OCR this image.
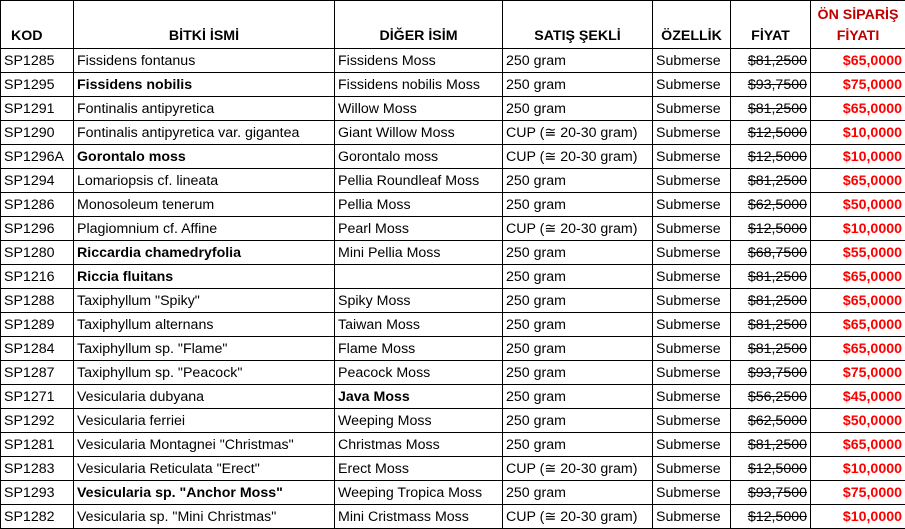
KOD	BİTKİ İSMİ	DİĞER İSİM	SATIŞ ŞEKLİ	ÖZELLİK	FİYAT	ÖN SİPARİŞ
FİYATI
SP1285	Fissidens fontanus	Fissidens Moss	250 gram	Submerse	$81,2500	$65,0000
SP1295	Fissidens nobilis	Fissidens nobilis Moss	250 gram	Submerse	$93,7500	$75,0000
SP1291	Fontinalis antipyretica	Willow Moss	250 gram	Submerse	$81,2500	$65,0000
SP1290	Fontinalis antipyretica var. gigantea	Giant Willow Moss	CUP (≅ 20-30 gram)	Submerse	$12,5000	$10,0000
SP1296A	Gorontalo moss	Gorontalo moss	CUP (≅ 20-30 gram)	Submerse	$12,5000	$10,0000
SP1294	Lomariopsis cf. lineata	Pellia Roundleaf Moss	250 gram	Submerse	$81,2500	$65,0000
SP1286	Monosoleum tenerum	Pellia Moss	250 gram	Submerse	$62,5000	$50,0000
SP1296	Plagiomnium cf. Affine	Pearl Moss	CUP (≅ 20-30 gram)	Submerse	$12,5000	$10,0000
SP1280	Riccardia chamedryfolia	Mini Pellia Moss	250 gram	Submerse	$68,7500	$55,0000
SP1216	Riccia fluitans		250 gram	Submerse	$81,2500	$65,0000
SP1288	Taxiphyllum "Spiky"	Spiky Moss	250 gram	Submerse	$81,2500	$65,0000
SP1289	Taxiphyllum alternans	Taiwan Moss	250 gram	Submerse	$81,2500	$65,0000
SP1284	Taxiphyllum sp. "Flame"	Flame Moss	250 gram	Submerse	$81,2500	$65,0000
SP1287	Taxiphyllum sp. "Peacock"	Peacock Moss	250 gram	Submerse	$93,7500	$75,0000
SP1271	Vesicularia dubyana	Java Moss	250 gram	Submerse	$56,2500	$45,0000
SP1292	Vesicularia ferriei	Weeping Moss	250 gram	Submerse	$62,5000	$50,0000
SP1281	Vesicularia Montagnei "Christmas"	Christmas Moss	250 gram	Submerse	$81,2500	$65,0000
SP1283	Vesicularia Reticulata "Erect"	Erect Moss	CUP (≅ 20-30 gram)	Submerse	$12,5000	$10,0000
SP1293	Vesicularia sp. "Anchor Moss"	Weeping Tropica Moss	250 gram	Submerse	$93,7500	$75,0000
SP1282	Vesicularia sp. "Mini Christmas"	Mini Cristmass Moss	CUP (≅ 20-30 gram)	Submerse	$12,5000	$10,0000
